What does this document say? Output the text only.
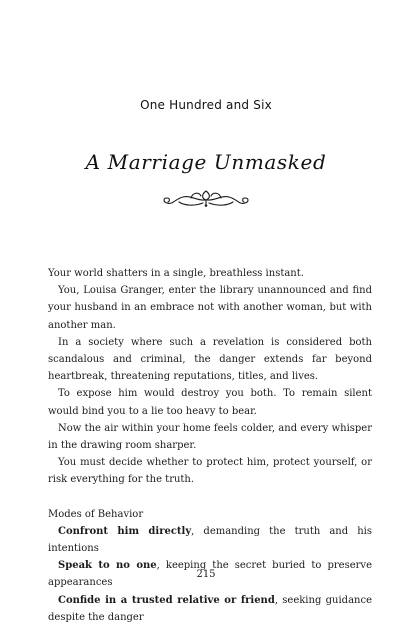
One Hundred and Six
A Marriage Unmasked

Your world shatters in a single, breathless instant.

You, Louisa Granger, enter the library unannounced and find your husband in an embrace not with another woman, but with another man.

In a society where such a revelation is considered both scandalous and criminal, the danger extends far beyond heartbreak, threatening reputations, titles, and lives.

To expose him would destroy you both. To remain silent would bind you to a lie too heavy to bear.

Now the air within your home feels colder, and every whisper in the drawing room sharper.

You must decide whether to protect him, protect yourself, or risk everything for the truth.

Modes of Behavior

Confront him directly, demanding the truth and his intentions

Speak to no one, keeping the secret buried to preserve appearances

Confide in a trusted relative or friend, seeking guidance despite the danger

215
